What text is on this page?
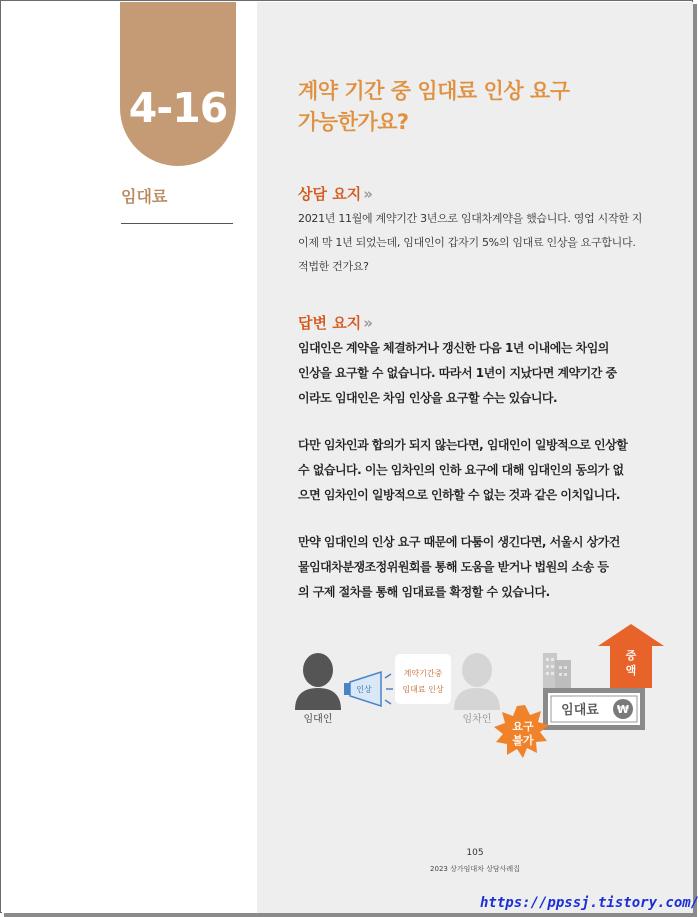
4-16
임대료
계약 기간 중 임대료 인상 요구
가능한가요?
상담 요지 »
2021년 11월에 계약기간 3년으로 임대차계약을 했습니다. 영업 시작한 지
이제 막 1년 되었는데, 임대인이 갑자기 5%의 임대료 인상을 요구합니다.
적법한 건가요?
답변 요지 »
임대인은 계약을 체결하거나 갱신한 다음 1년 이내에는 차임의
인상을 요구할 수 없습니다. 따라서 1년이 지났다면 계약기간 중
이라도 임대인은 차임 인상을 요구할 수는 있습니다.
다만 임차인과 합의가 되지 않는다면, 임대인이 일방적으로 인상할
수 없습니다. 이는 임차인의 인하 요구에 대해 임대인의 동의가 없
으면 임차인이 일방적으로 인하할 수 없는 것과 같은 이치입니다.
만약 임대인의 인상 요구 때문에 다툼이 생긴다면, 서울시 상가건
물임대차분쟁조정위원회를 통해 도움을 받거나 법원의 소송 등
의 구제 절차를 통해 임대료를 확정할 수 있습니다.
임대인
인상
계약기간중
임대료 인상
임차인
증
액
임대료 ₩
요구
불가
105
2023 상가임대차 상담사례집
https://ppssj.tistory.com/
